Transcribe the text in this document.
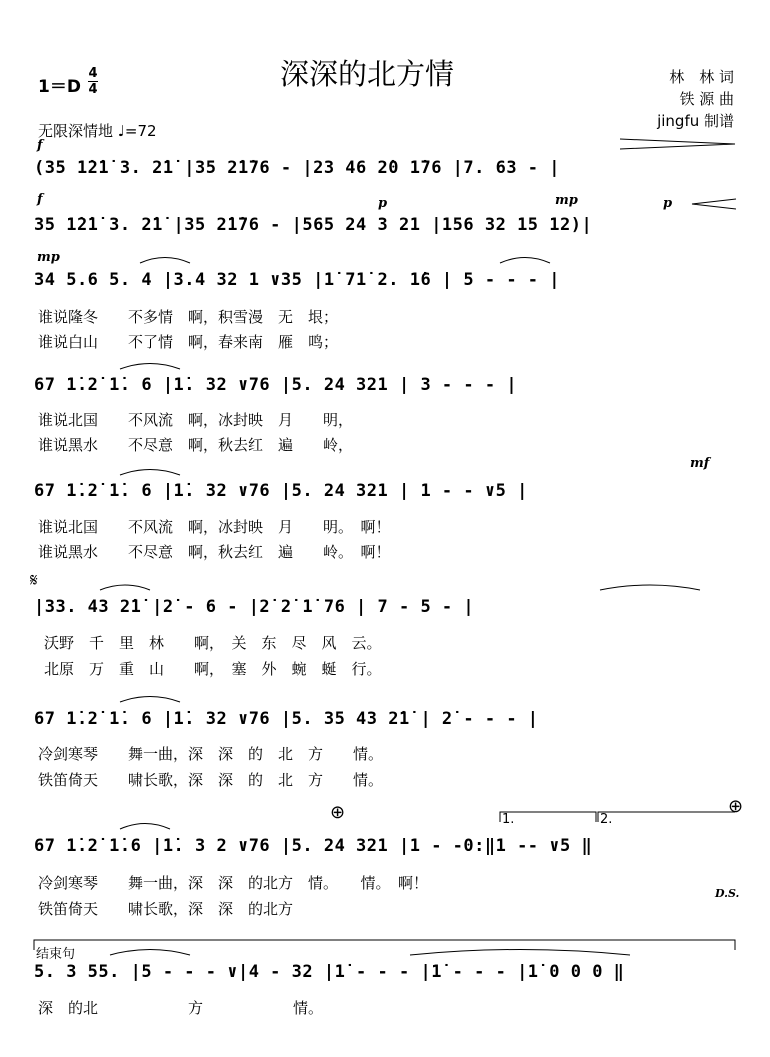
深深的北方情	林　林 词
铁 源 曲
jingfu 制谱
1＝D
4
4
无限深情地 ♩=72
f
(35 1̇2̇1̇ 3. 2̇1̇ |35 2̇1̇76 - |23 46 2̇0 1̇76 |7. 63 - |
f	p	mp	p
35 1̇2̇1̇ 3. 2̇1̇ |35 2̇1̇76 - |565 24 3 21 |156 32 15 12)|
mp
34 5.6 5. 4 |3.4 32 1 ∨35 |1̇ 71̇ 2. 1̇6 | 5 - - - |
谁说隆冬　　不多情　啊，积雪漫　无　垠；
谁说白山　　不了情　啊，春来南　雁　鸣；
67 1̇.2̇ 1̇. 6 |1̇. 32 ∨76 |5. 24 321 | 3 - - - |
谁说北国　　不风流　啊，冰封映　月　　明，
谁说黑水　　不尽意　啊，秋去红　遍　　岭，
mf
67 1̇.2̇ 1̇. 6 |1̇. 32 ∨76 |5. 24 321 | 1 - - ∨5 |
谁说北国　　不风流　啊，冰封映　月　　明。　啊！
谁说黑水　　不尽意　啊，秋去红　遍　　岭。　啊！
𝄋
|33. 43 2̇1̇ |2̇ - 6 - |2̇ 2̇ 1̇ 76 | 7 - 5 - |
沃野　千　里　林　　啊，　关　东　尽　风　云。
北原　万　重　山　　啊，　塞　外　蜿　蜒　行。
67 1̇.2̇ 1̇. 6 |1̇. 32 ∨76 |5. 35 43 2̇1̇ | 2̇ - - - |
冷剑寒琴　　舞一曲，深　深　的　北　方　　情。
铁笛倚天　　啸长歌，深　深　的　北　方　　情。
⊕	⊕
1.	2.
67 1̇.2̇ 1̇.6 |1̇. 3 2 ∨76 |5. 24 321 |1 - -0:‖1 -- ∨5 ‖
冷剑寒琴　　舞一曲，深　深　的北方　情。　　情。　啊！
铁笛倚天　　啸长歌，深　深　的北方
D.S.
结束句
5. 3 55. |5 - - - ∨|4 - 32 |1̇ - - - |1̇ - - - |1̇ 0 0 0 ‖
深　的北　　　　　　方　　　　　　情。
